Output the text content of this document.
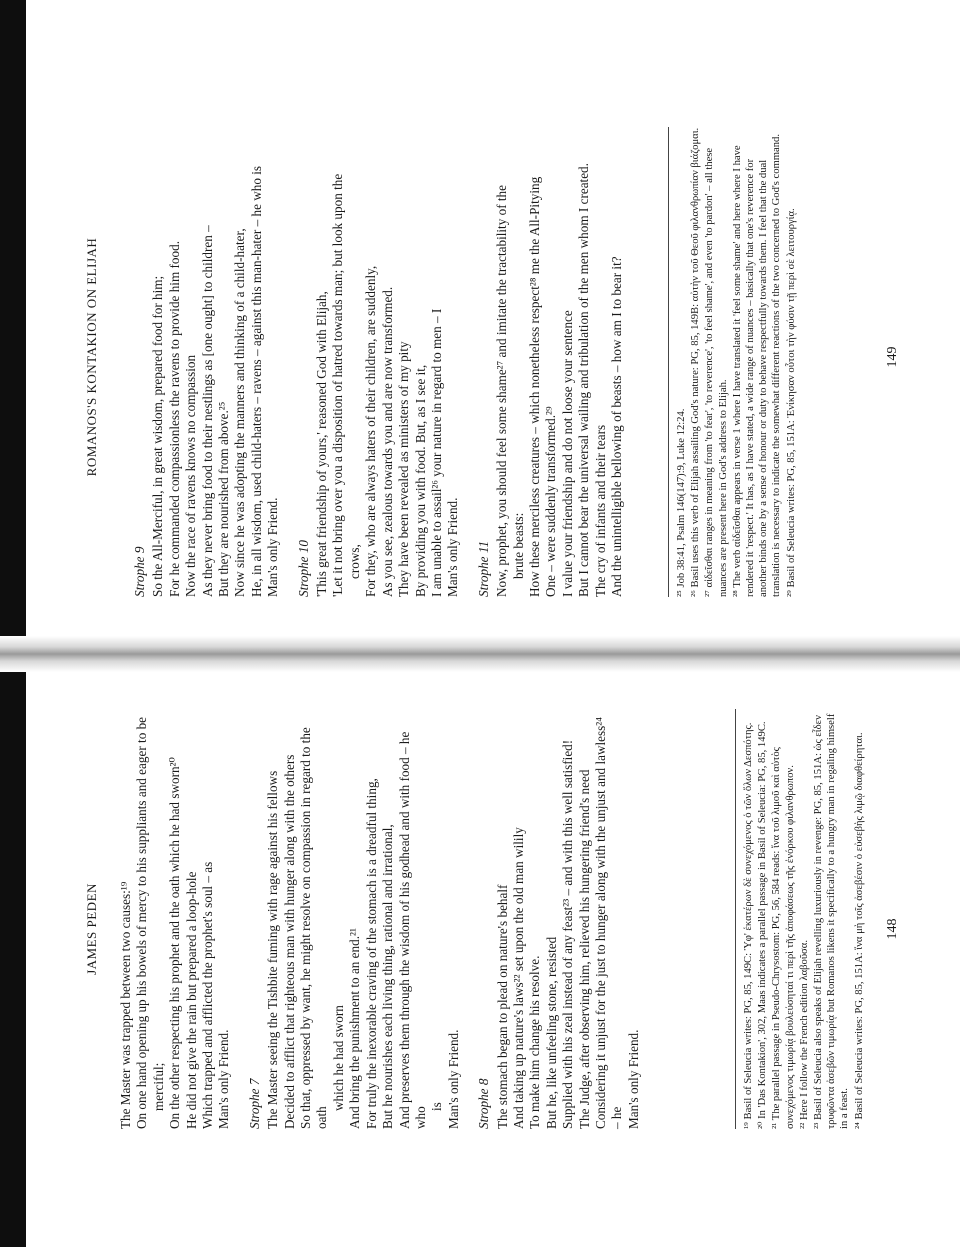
JAMES PEDEN The Master was trapped between two causes:¹⁹ On one hand opening up his bowels of mercy to his suppliants and eager to be merciful; On the other respecting his prophet and the oath which he had sworn²⁰ He did not give the rain but prepared a loop-hole Which trapped and afflicted the prophet's soul – as Man's only Friend. Strophe 7 The Master seeing the Tishbite fuming with rage against his fellows Decided to afflict that righteous man with hunger along with the others So that, oppressed by want, he might resolve on compassion in regard to the oath
which he had sworn And bring the punishment to an end.²¹ For truly the inexorable craving of the stomach is a dreadful thing, But he nourishes each living thing, rational and irrational, And preserves them through the wisdom of his godhead and with food – he who is Man's only Friend. Strophe 8 The stomach began to plead on nature's behalf And taking up nature's laws²² set upon the old man wilily To make him change his resolve. But he, like unfeeling stone, resisted Supplied with his zeal instead of any feast²³ – and with this well satisfied! The Judge, after observing him, relieved his hungering friend's need Considering it unjust for the just to hunger along with the unjust and lawless²⁴ – he Man's only Friend.	¹⁹ Basil of Seleucia writes: PG, 85, 149C: Ὑφ' ἑκατέρων δὲ συνεχόμενος ὁ τῶν ὅλων Δεσπότης. ²⁰ In 'Das Kontakion', 302, Maas indicates a parallel passage in Basil of Seleucia: PG, 85, 149C. ²¹ The parallel passage in Pseudo-Chrysostom: PG, 56, 584 reads: ἵνα τοῦ λιμοῦ καὶ αὐτὸς συνεχόμενος τιμωρίᾳ βουλεύσηταί τι περὶ τῆς ἀποφάσεως τῆς ἐνόρκου φιλανθρωπον. ²² Here I follow the French edition λαβοῦσα. ²³ Basil of Seleucia also speaks of Elijah revelling luxuriously in revenge: PG, 85, 151A: ὡς εἶδεν τρυφῶντα ἀσεβῶν τιμωρίᾳ but Romanos likens it specifically to a hungry man in regaling himself in a feast. ²⁴ Basil of Seleucia writes: PG, 85, 151A: ἵνα μὴ τοῖς ἀσεβέσιν ὁ εὐσεβὴς λιμῷ διαφθείρηται. 148
ROMANOS'S KONTAKION ON ELIJAH
Strophe 9 So the All-Merciful, in great wisdom, prepared food for him; For he commanded compassionless the ravens to provide him food. Now the race of ravens knows no compassion As they never bring food to their nestlings as [one ought] to children – But they are nourished from above.²⁵ Now since he was adopting the manners and thinking of a child-hater, He, in all wisdom, used child-haters – ravens – against this man-hater – he who is Man's only Friend. Strophe 10 'This great friendship of yours,' reasoned God with Elijah, 'Let it not bring over you a disposition of hatred towards man; but look upon the crows, For they, who are always haters of their children, are suddenly, As you see, zealous towards you and are now transformed. They have been revealed as ministers of my pity By providing you with food. But, as I see it, I am unable to assail²⁶ your nature in regard to men – I Man's only Friend. Strophe 11 Now, prophet, you should feel some shame²⁷ and imitate the tractability of the brute beasts: How these merciless creatures – which nonetheless respect²⁸ me the All-Pitying One – were suddenly transformed.²⁹ I value your friendship and do not loose your sentence But I cannot bear the universal wailing and tribulation of the men whom I created. The cry of infants and their tears And the unintelligible bellowing of beasts – how am I to bear it?	²⁵ Job 38:41, Psalm 146(147):9, Luke 12:24. ²⁶ Basil uses this verb of Elijah assailing God's nature: PG, 85, 149B: αὐτὴν τοῦ Θεοῦ φιλανθρωπίαν βιάζομαι. ²⁷ αἰδεῖσθαι ranges in meaning from 'to fear', 'to reverence', 'to feel shame', and even 'to pardon' – all these nuances are present here in God's address to Elijah. ²⁸ The verb αἰδεῖσθαι appears in verse 1 where I have translated it 'feel some shame' and here where I have rendered it 'respect.' It has, as I have stated, a wide range of nuances – basically that one's reverence for another binds one by a sense of honour or duty to behave respectfully towards them. I feel that the dual translation is necessary to indicate the somewhat different reactions of the two concerned to God's command. ²⁹ Basil of Seleucia writes: PG, 85, 151A: Ἐνίκησαν οὗτοι τὴν φύσιν τῇ περὶ σὲ λειτουργίᾳ.	149
